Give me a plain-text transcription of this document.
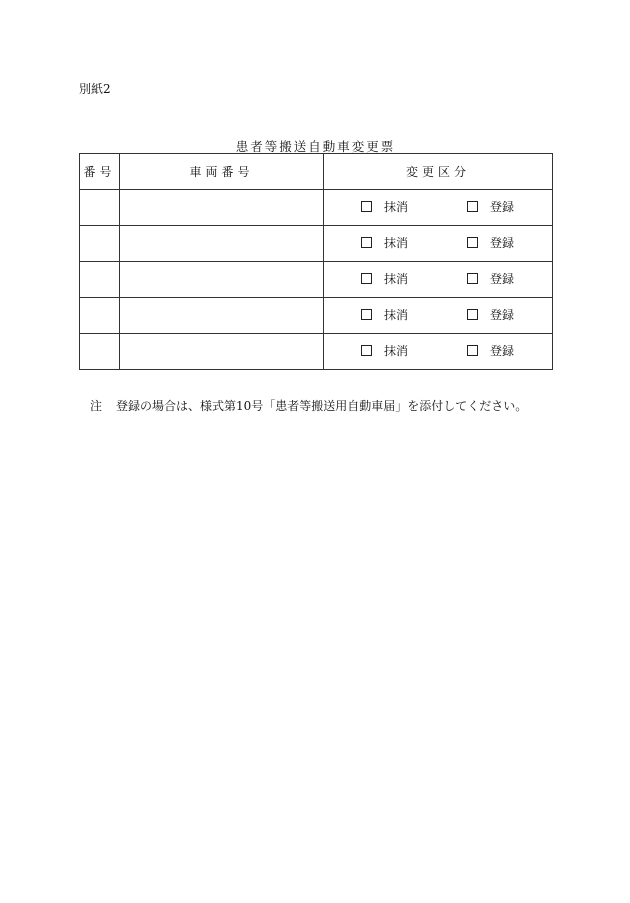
別紙2
患者等搬送自動車変更票
番号	車両番号	変更区分

		抹消 登録

		抹消 登録

		抹消 登録

		抹消 登録

		抹消 登録
注 登録の場合は、様式第10号「患者等搬送用自動車届」を添付してください。
